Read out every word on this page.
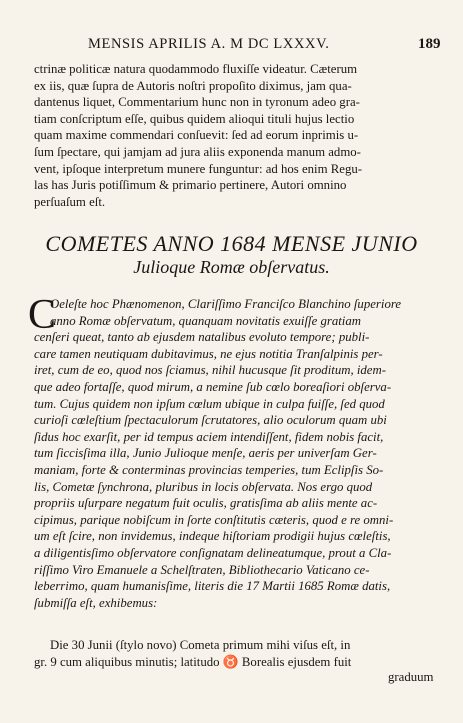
MENSIS APRILIS A. M DC LXXXV.	189
ctrinæ politicæ natura quodammodo fluxiſſe videatur. Cæterum
ex iis, quæ ſupra de Autoris noſtri propoſito diximus, jam qua-
dantenus liquet, Commentarium hunc non in tyronum adeo gra-
tiam conſcriptum eſſe, quibus quidem alioqui tituli hujus lectio
quam maxime commendari conſuevit: ſed ad eorum inprimis u-
ſum ſpectare, qui jamjam ad jura aliis exponenda manum admo-
vent, ipſoque interpretum munere funguntur: ad hos enim Regu-
las has Juris potiſſimum & primario pertinere, Autori omnino
perſuaſum eſt.
COMETES ANNO 1684 MENSE JUNIO
Julioque Romæ obſervatus.
C
Oeleſte hoc Phænomenon, Clariſſimo Franciſco Blanchino ſuperiore
anno Romæ obſervatum, quanquam novitatis exuiſſe gratiam
cenſeri queat, tanto ab ejusdem natalibus evoluto tempore; publi-
care tamen neutiquam dubitavimus, ne ejus notitia Tranſalpinis per-
iret, cum de eo, quod nos ſciamus, nihil hucusque ſit proditum, idem-
que adeo fortaſſe, quod mirum, a nemine ſub cœlo boreaſiori obſerva-
tum. Cujus quidem non ipſum cœlum ubique in culpa fuiſſe, ſed quod
curioſi cœleſtium ſpectaculorum ſcrutatores, alio oculorum quam ubi
ſidus hoc exarſit, per id tempus aciem intendiſſent, fidem nobis facit,
tum ſiccisſima illa, Junio Julioque menſe, aeris per univerſam Ger-
maniam, forte & conterminas provincias temperies, tum Eclipſis So-
lis, Cometæ ſynchrona, pluribus in locis obſervata. Nos ergo quod
propriis uſurpare negatum fuit oculis, gratisſima ab aliis mente ac-
cipimus, parique nobiſcum in ſorte conſtitutis cæteris, quod e re omni-
um eſt ſcire, non invidemus, indeque hiſtoriam prodigii hujus cœleſtis,
a diligentisſimo obſervatore conſignatam delineatumque, prout a Cla-
riſſimo Viro Emanuele a Schelſtraten, Bibliothecario Vaticano ce-
leberrimo, quam humanisſime, literis die 17 Martii 1685 Romæ datis,
ſubmiſſa eſt, exhibemus:
Die 30 Junii (ſtylo novo) Cometa primum mihi viſus eſt, in
gr. 9 cum aliquibus minutis; latitudo ♉ Borealis ejusdem fuit
graduum
